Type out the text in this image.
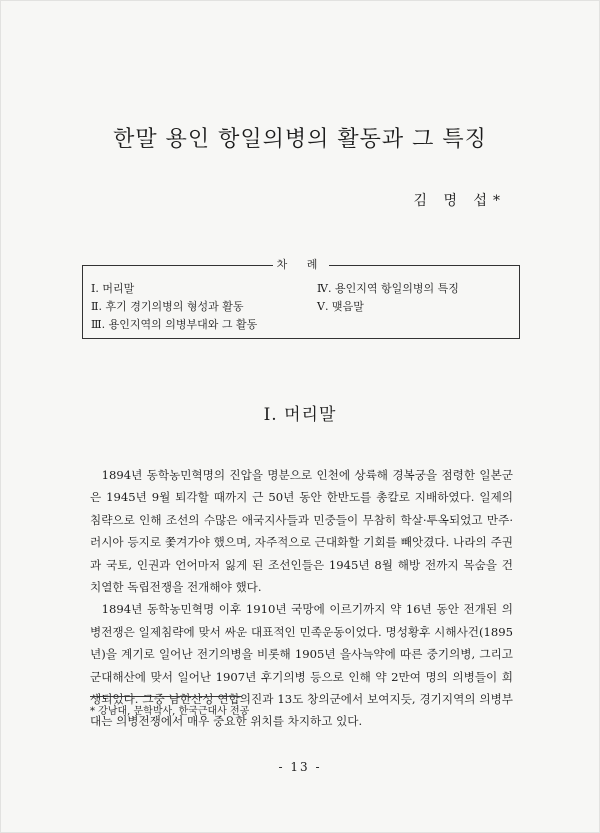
한말 용인 항일의병의 활동과 그 특징
김 명 섭*
차 례
Ⅰ. 머리말
Ⅱ. 후기 경기의병의 형성과 활동
Ⅲ. 용인지역의 의병부대와 그 활동
Ⅳ. 용인지역 항일의병의 특징
Ⅴ. 맺음말
Ⅰ. 머리말

1894년 동학농민혁명의 진압을 명분으로 인천에 상륙해 경복궁을 점령한 일본군은 1945년 9월 퇴각할 때까지 근 50년 동안 한반도를 총칼로 지배하였다. 일제의 침략으로 인해 조선의 수많은 애국지사들과 민중들이 무참히 학살·투옥되었고 만주·러시아 등지로 쫓겨가야 했으며, 자주적으로 근대화할 기회를 빼앗겼다. 나라의 주권과 국토, 인권과 언어마저 잃게 된 조선인들은 1945년 8월 해방 전까지 목숨을 건 치열한 독립전쟁을 전개해야 했다.

1894년 동학농민혁명 이후 1910년 국망에 이르기까지 약 16년 동안 전개된 의병전쟁은 일제침략에 맞서 싸운 대표적인 민족운동이었다. 명성황후 시해사건(1895년)을 계기로 일어난 전기의병을 비롯해 1905년 을사늑약에 따른 중기의병, 그리고 군대해산에 맞서 일어난 1907년 후기의병 등으로 인해 약 2만여 명의 의병들이 희생되었다. 그중 남한산성 연합의진과 13도 창의군에서 보여지듯, 경기지역의 의병부대는 의병전쟁에서 매우 중요한 위치를 차지하고 있다.

* 강남대, 문학박사, 한국근대사 전공
- 13 -
